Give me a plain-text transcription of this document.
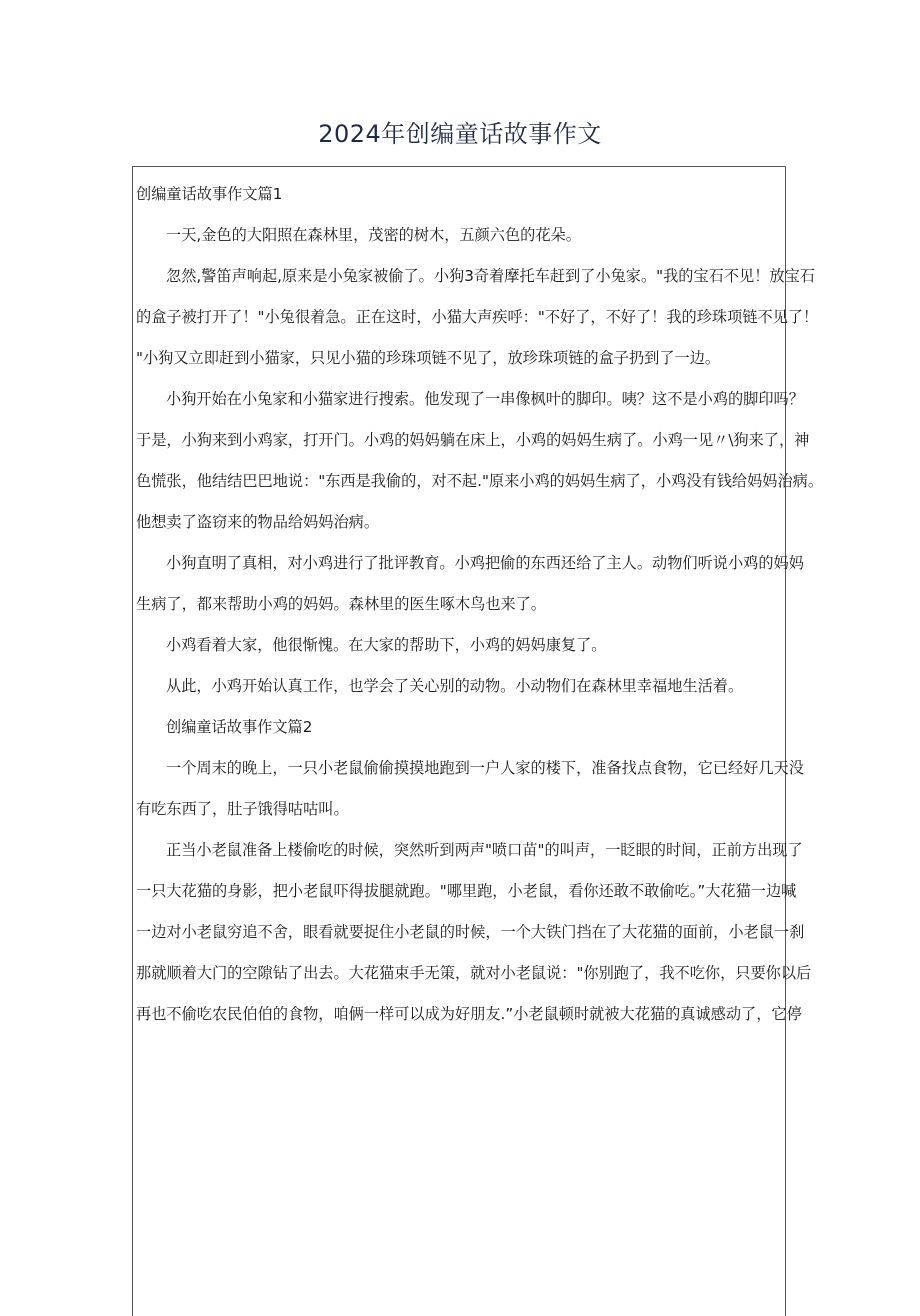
2024年创编童话故事作文
创编童话故事作文篇1
一天,金色的大阳照在森林里，茂密的树木，五颜六色的花朵。
忽然,警笛声响起,原来是小兔家被偷了。小狗3奇着摩托车赶到了小兔家。"我的宝石不见！放宝石
的盒子被打开了！"小兔很着急。正在这时，小猫大声疾呼："不好了，不好了！我的珍珠项链不见了！
"小狗又立即赶到小猫家，只见小猫的珍珠项链不见了，放珍珠项链的盒子扔到了一边。
小狗开始在小兔家和小猫家进行搜索。他发现了一串像枫叶的脚印。咦？这不是小鸡的脚印吗？
于是，小狗来到小鸡家，打开门。小鸡的妈妈躺在床上，小鸡的妈妈生病了。小鸡一见〃\狗来了，神
色慌张，他结结巴巴地说："东西是我偷的，对不起."原来小鸡的妈妈生病了，小鸡没有钱给妈妈治病。
他想卖了盗窃来的物品给妈妈治病。
小狗直明了真相，对小鸡进行了批评教育。小鸡把偷的东西还给了主人。动物们听说小鸡的妈妈
生病了，都来帮助小鸡的妈妈。森林里的医生啄木鸟也来了。
小鸡看着大家，他很惭愧。在大家的帮助下，小鸡的妈妈康复了。
从此，小鸡开始认真工作，也学会了关心别的动物。小动物们在森林里幸福地生活着。
创编童话故事作文篇2
一个周末的晚上，一只小老鼠偷偷摸摸地跑到一户人家的楼下，准备找点食物，它已经好几天没
有吃东西了，肚子饿得咕咕叫。
正当小老鼠准备上楼偷吃的时候，突然听到两声"喷口苗"的叫声，一眨眼的时间，正前方出现了
一只大花猫的身影，把小老鼠吓得拔腿就跑。"哪里跑，小老鼠，看你还敢不敢偷吃。”大花猫一边喊
一边对小老鼠穷追不舍，眼看就要捉住小老鼠的时候，一个大铁门挡在了大花猫的面前，小老鼠一刹
那就顺着大门的空隙钻了出去。大花猫束手无策，就对小老鼠说："你别跑了，我不吃你，只要你以后
再也不偷吃农民伯伯的食物，咱俩一样可以成为好朋友.”小老鼠顿时就被大花猫的真诚感动了，它停
